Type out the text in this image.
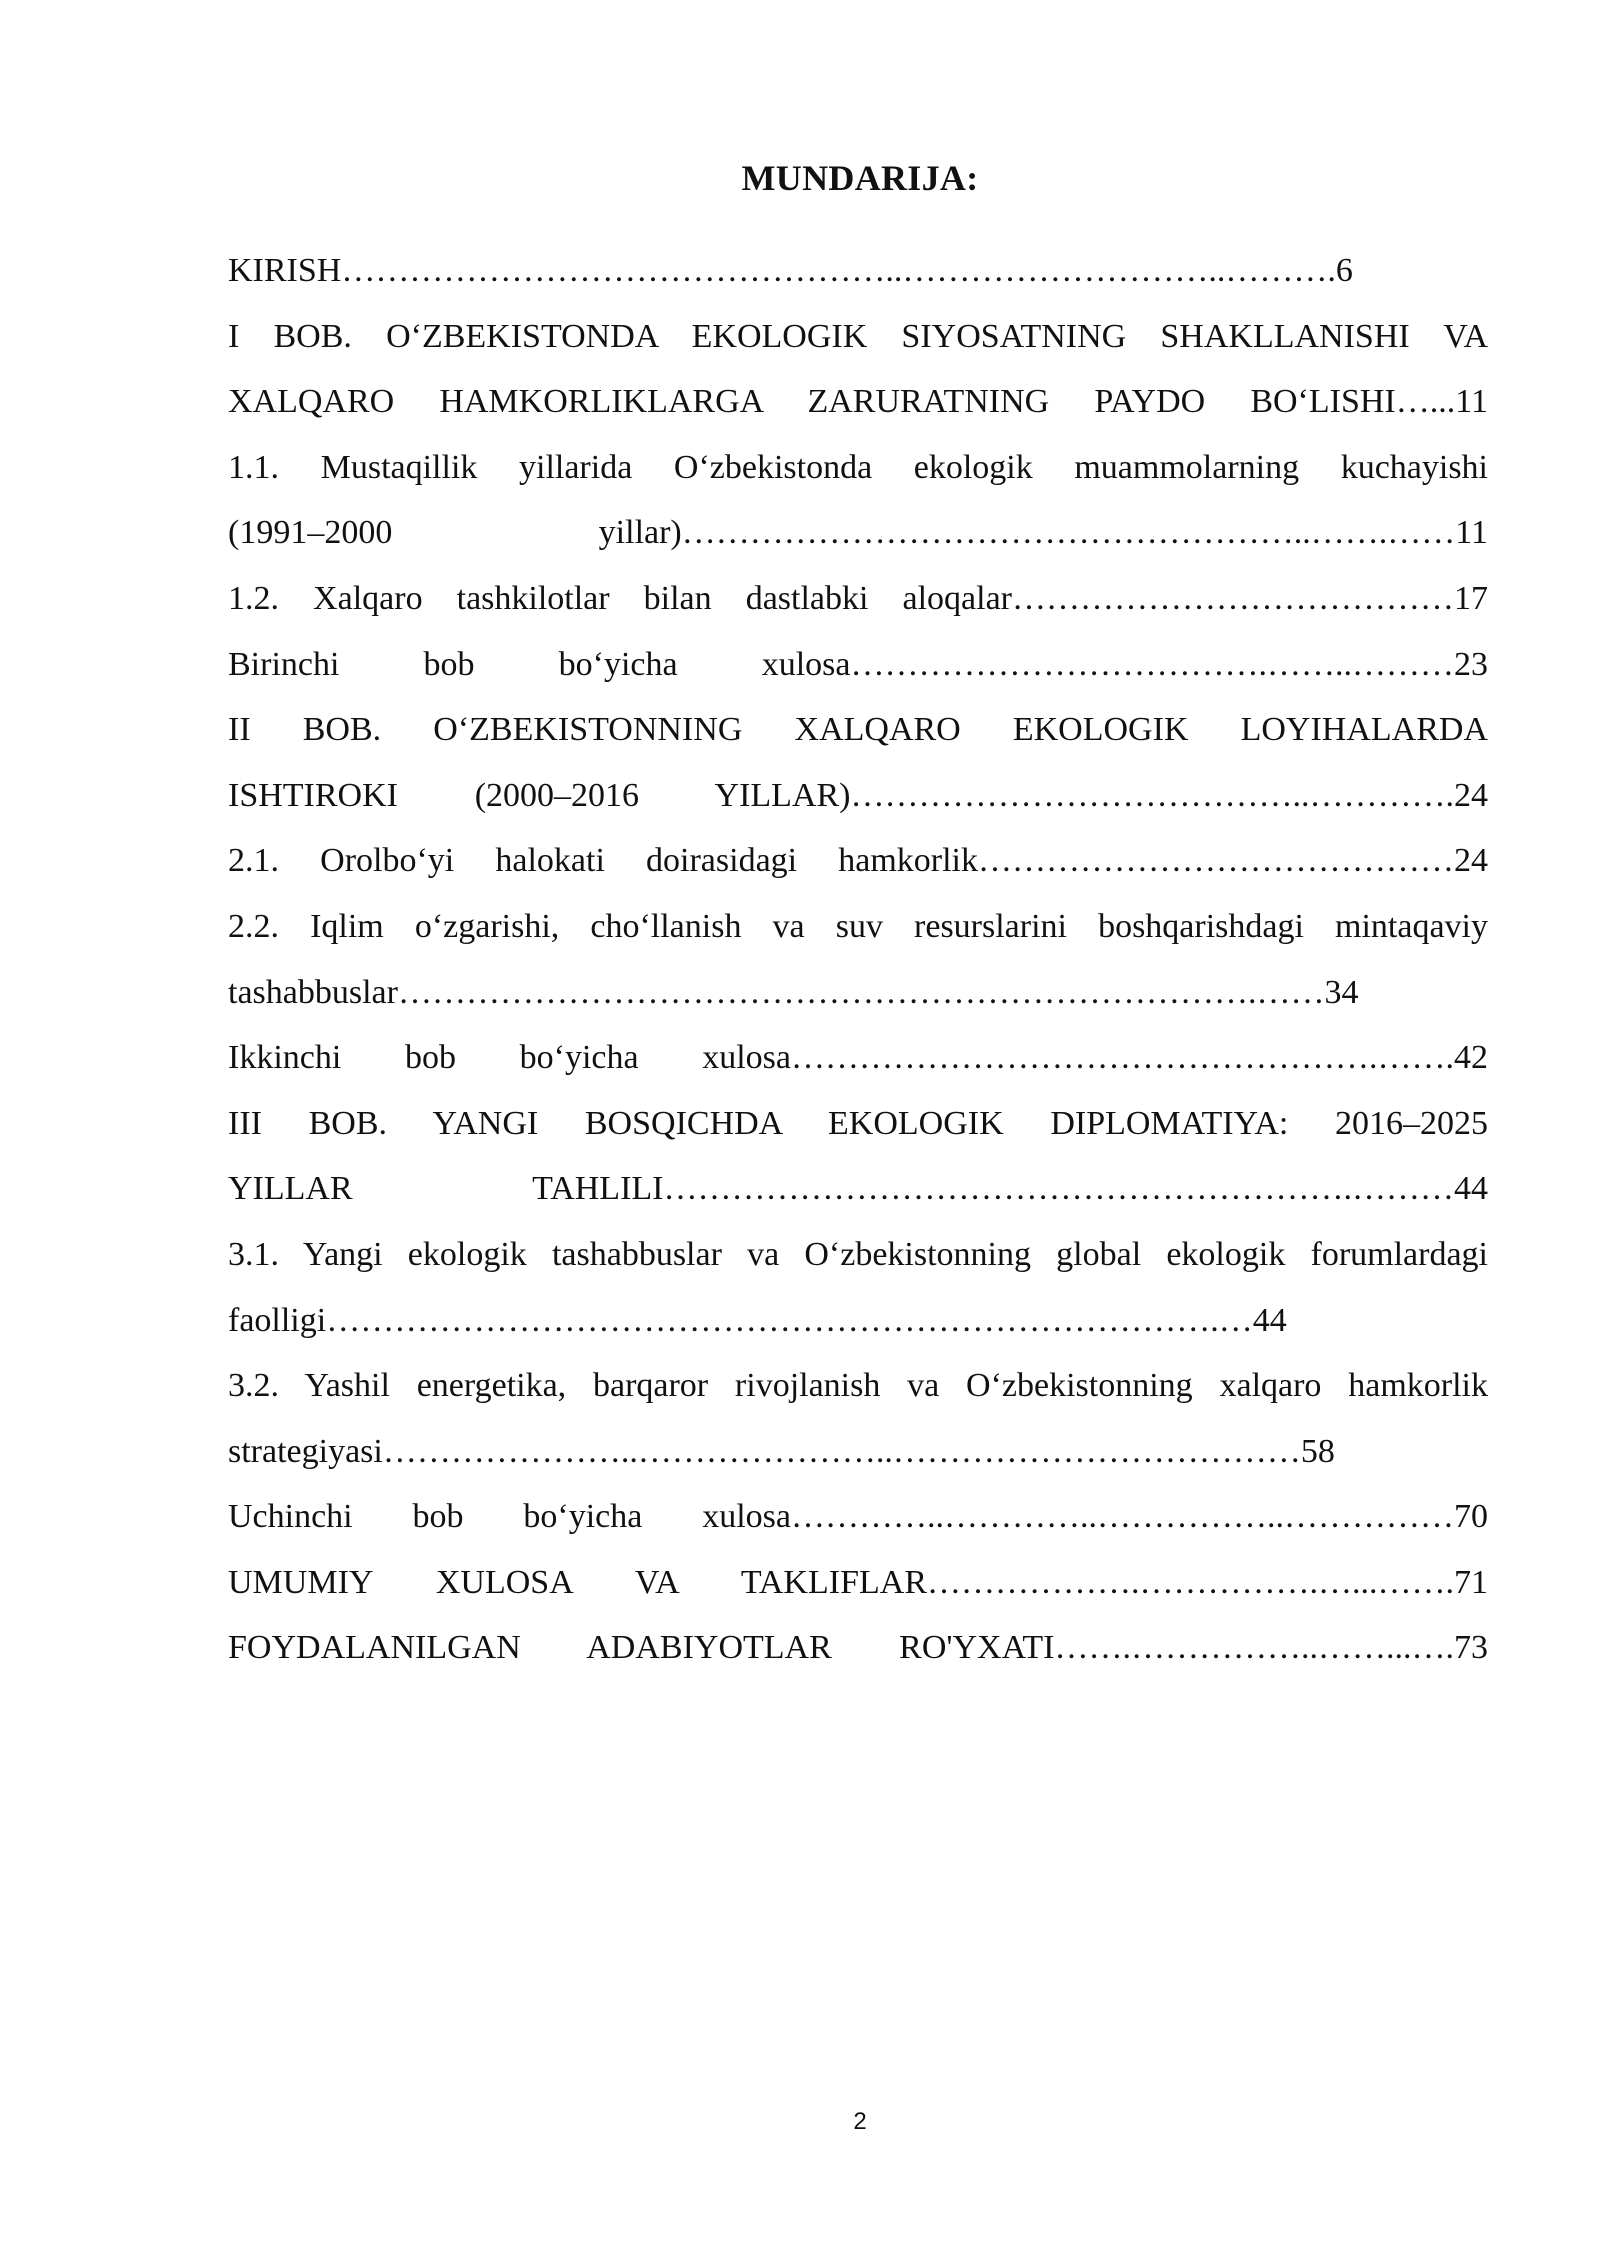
MUNDARIJA:
KIRISH…………………………………………..………………………..……….6
I BOB. O‘ZBEKISTONDA EKOLOGIK SIYOSATNING SHAKLLANISHI VA
XALQARO HAMKORLIKLARGA ZARURATNING PAYDO BO‘LISHI…...11
1.1. Mustaqillik yillarida O‘zbekistonda ekologik muammolarning kuchayishi
(1991–2000 yillar)………………………………………………..…….……11
1.2. Xalqaro tashkilotlar bilan dastlabki aloqalar…………………………………17
Birinchi bob bo‘yicha xulosa……………………………….……..………23
II BOB. O‘ZBEKISTONNING XALQARO EKOLOGIK LOYIHALARDA
ISHTIROKI (2000–2016 YILLAR)…………………………………..………….24
2.1. Orolbo‘yi halokati doirasidagi hamkorlik……………………………………24
2.2. Iqlim o‘zgarishi, cho‘llanish va suv resurslarini boshqarishdagi mintaqaviy
tashabbuslar………………………………………………………………….……34
Ikkinchi bob bo‘yicha xulosa…………………………………………….…….42
III BOB. YANGI BOSQICHDA EKOLOGIK DIPLOMATIYA: 2016–2025
YILLAR TAHLILI…………………………………………………….………44
3.1. Yangi ekologik tashabbuslar va O‘zbekistonning global ekologik forumlardagi
faolligi…………………………………………………………………….…44
3.2. Yashil energetika, barqaror rivojlanish va O‘zbekistonning xalqaro hamkorlik
strategiyasi…………………..…………………..………………………………58
Uchinchi bob bo‘yicha xulosa…………..…………..……………..……………70
UMUMIY XULOSA VA TAKLIFLAR……………….…………….…...…….71
FOYDALANILGAN ADABIYOTLAR RO'YXATI…….……………..……...….73
2
